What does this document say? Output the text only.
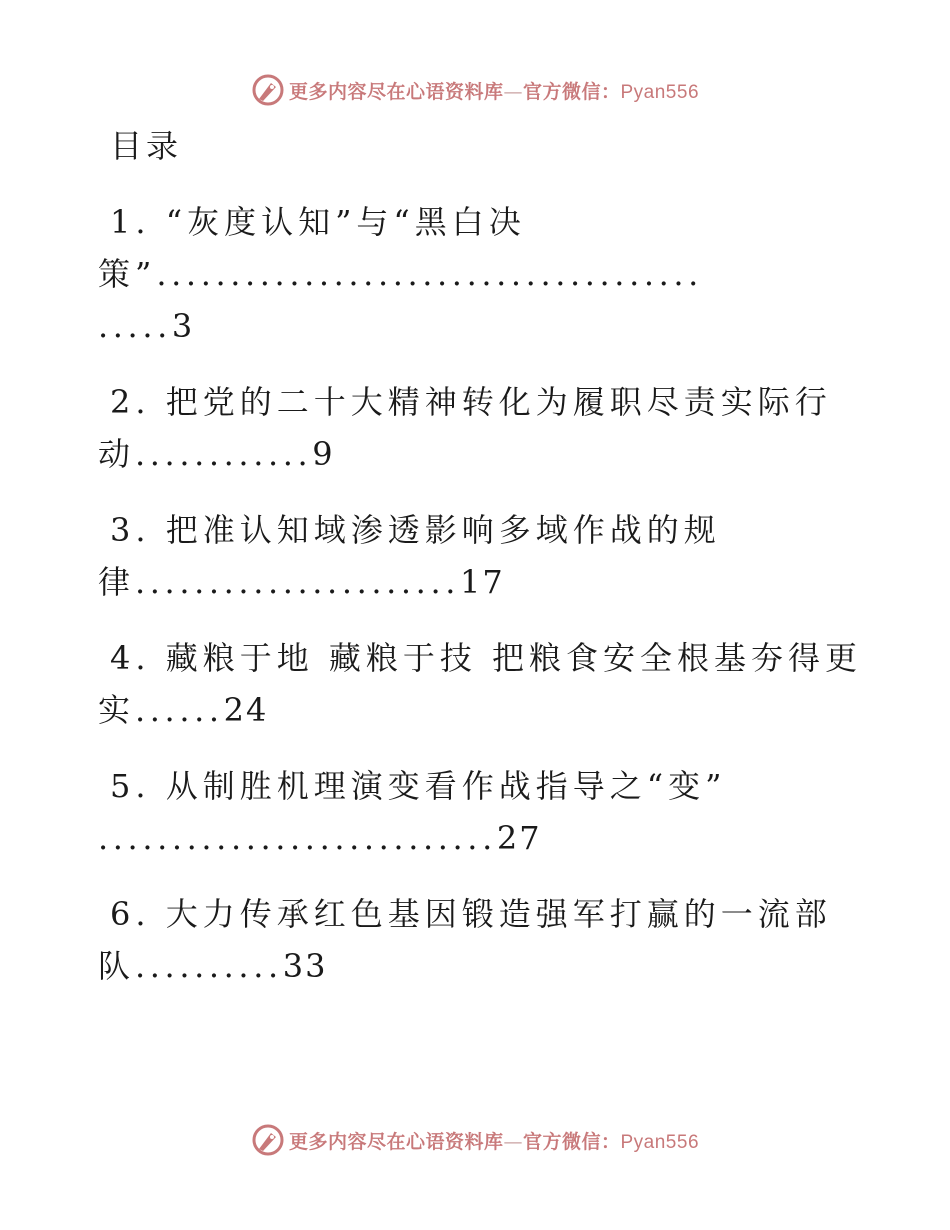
更多内容尽在心语资料库—官方微信：Pyan556
目录
1. “灰度认知”与“黑白决
策”.....................................
.....3
2. 把党的二十大精神转化为履职尽责实际行
动............9
3. 把准认知域渗透影响多域作战的规
律......................17
4. 藏粮于地 藏粮于技 把粮食安全根基夯得更
实......24
5. 从制胜机理演变看作战指导之“变”
...........................27
6. 大力传承红色基因锻造强军打赢的一流部
队..........33
更多内容尽在心语资料库—官方微信：Pyan556
